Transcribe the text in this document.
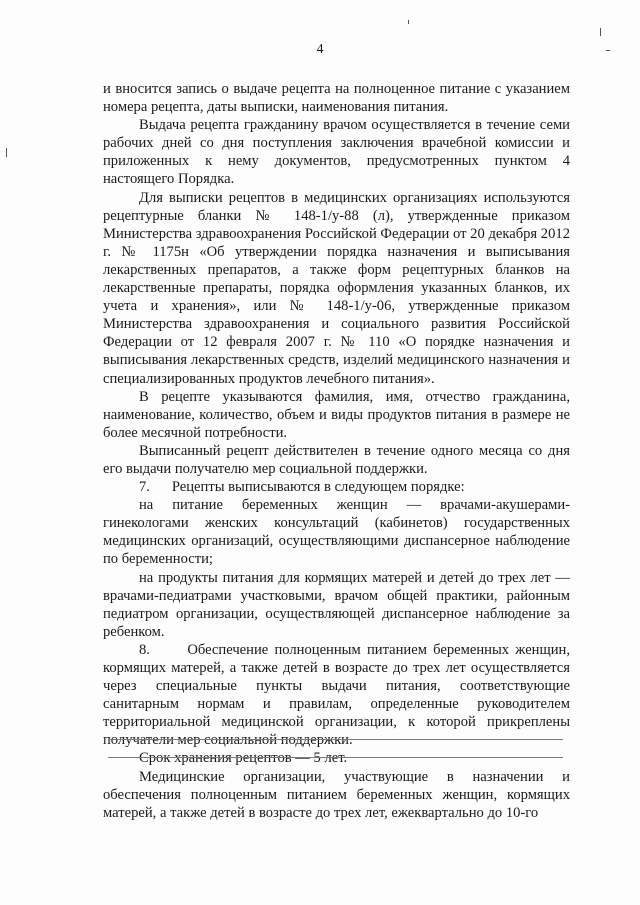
4

и вносится запись о выдаче рецепта на полноценное питание с указанием номера рецепта, даты выписки, наименования питания.

Выдача рецепта гражданину врачом осуществляется в течение семи рабочих дней со дня поступления заключения врачебной комиссии и приложенных к нему документов, предусмотренных пунктом 4 настоящего Порядка.

Для выписки рецептов в медицинских организациях используются рецептурные бланки № 148-1/у-88 (л), утвержденные приказом Министерства здравоохранения Российской Федерации от 20 декабря 2012 г. № 1175н «Об утверждении порядка назначения и выписывания лекарственных препаратов, а также форм рецептурных бланков на лекарственные препараты, порядка оформления указанных бланков, их учета и хранения», или № 148-1/у-06, утвержденные приказом Министерства здравоохранения и социального развития Российской Федерации от 12 февраля 2007 г. № 110 «О порядке назначения и выписывания лекарственных средств, изделий медицинского назначения и специализированных продуктов лечебного питания».

В рецепте указываются фамилия, имя, отчество гражданина, наименование, количество, объем и виды продуктов питания в размере не более месячной потребности.

Выписанный рецепт действителен в течение одного месяца со дня его выдачи получателю мер социальной поддержки.

7.      Рецепты выписываются в следующем порядке:

на питание беременных женщин — врачами-акушерами-гинекологами женских консультаций (кабинетов) государственных медицинских организаций, осуществляющими диспансерное наблюдение по беременности;

на продукты питания для кормящих матерей и детей до трех лет — врачами-педиатрами участковыми, врачом общей практики, районным педиатром организации, осуществляющей диспансерное наблюдение за ребенком.

8.      Обеспечение полноценным питанием беременных женщин, кормящих матерей, а также детей в возрасте до трех лет осуществляется через специальные пункты выдачи питания, соответствующие санитарным нормам и правилам, определенные руководителем территориальной медицинской организации, к которой прикреплены получатели мер социальной поддержки.

Срок хранения рецептов — 5 лет.

Медицинские организации, участвующие в назначении и обеспечения полноценным питанием беременных женщин, кормящих матерей, а также детей в возрасте до трех лет, ежеквартально до 10-го
